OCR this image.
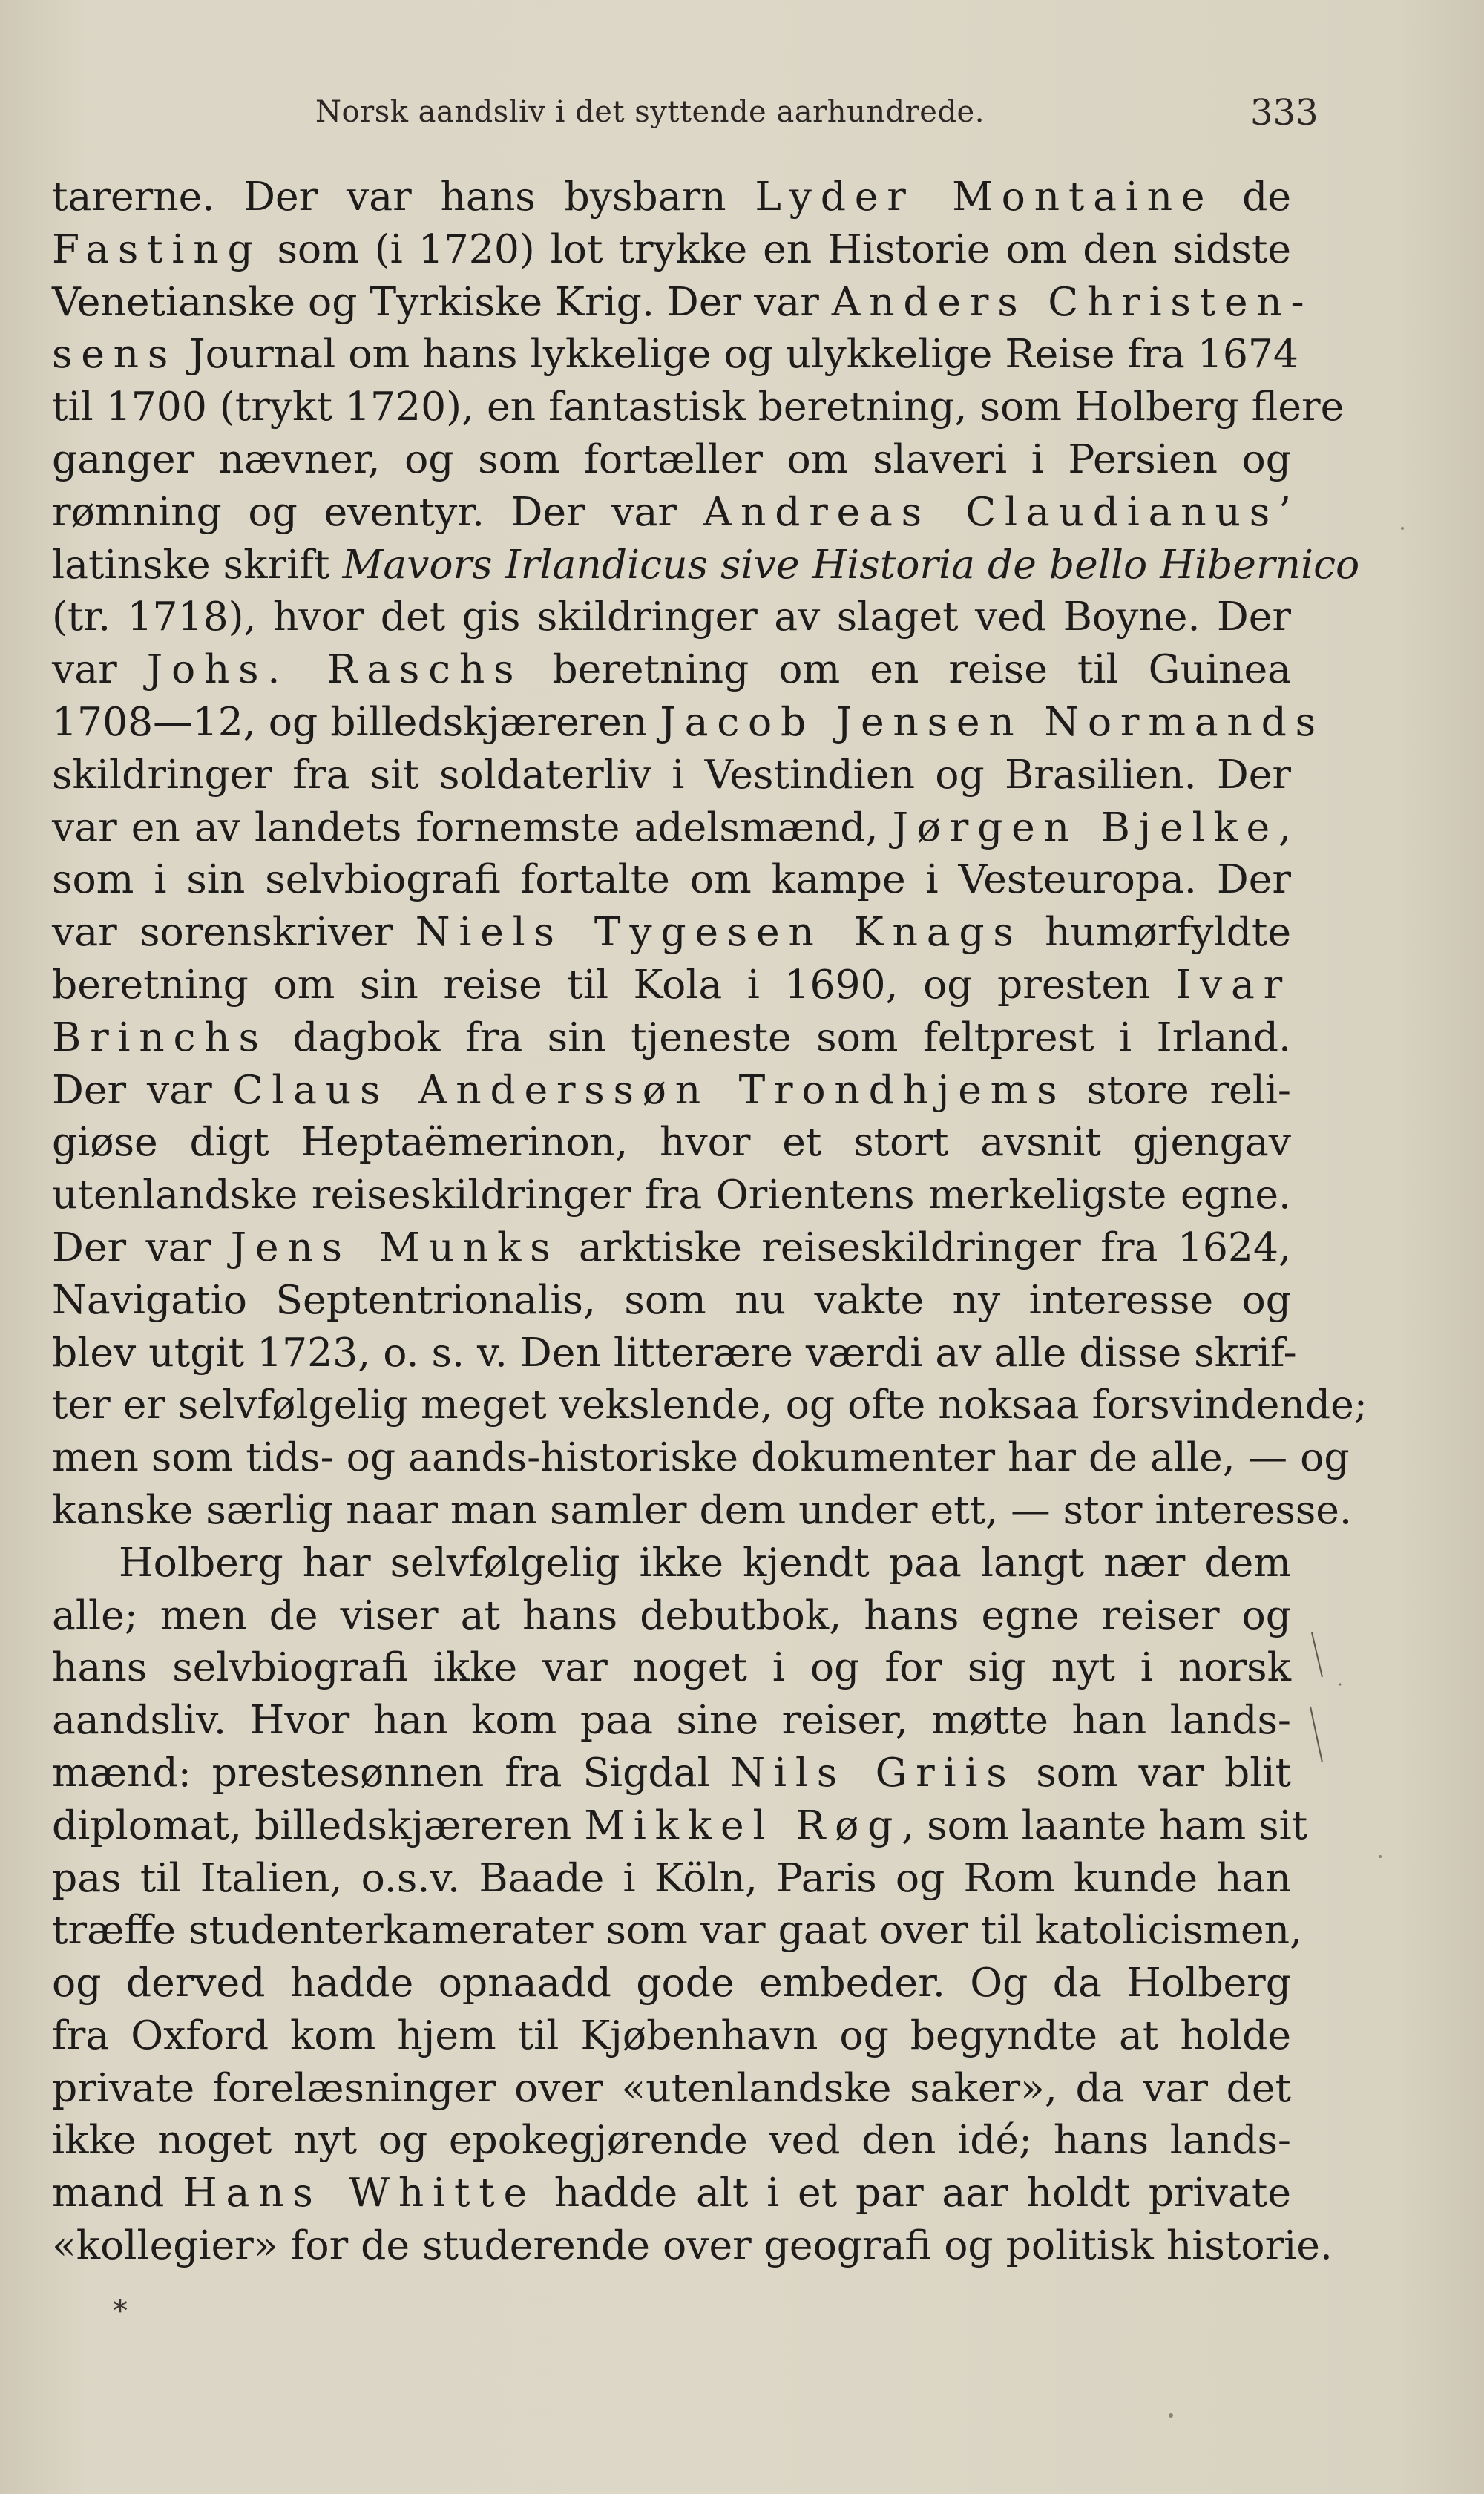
Norsk aandsliv i det syttende aarhundrede.	333
tarerne. Der var hans bysbarn Lyder Montaine de
Fasting som (i 1720) lot trykke en Historie om den sidste
Venetianske og Tyrkiske Krig. Der var Anders Christen-
sens Journal om hans lykkelige og ulykkelige Reise fra 1674
til 1700 (trykt 1720), en fantastisk beretning, som Holberg flere
ganger nævner, og som fortæller om slaveri i Persien og
rømning og eventyr. Der var Andreas Claudianus’
latinske skrift Mavors Irlandicus sive Historia de bello Hibernico
(tr. 1718), hvor det gis skildringer av slaget ved Boyne. Der
var Johs. Raschs beretning om en reise til Guinea
1708—12, og billedskjæreren Jacob Jensen Normands
skildringer fra sit soldaterliv i Vestindien og Brasilien. Der
var en av landets fornemste adelsmænd, Jørgen Bjelke,
som i sin selvbiografi fortalte om kampe i Vesteuropa. Der
var sorenskriver Niels Tygesen Knags humørfyldte
beretning om sin reise til Kola i 1690, og presten Ivar
Brinchs dagbok fra sin tjeneste som feltprest i Irland.
Der var Claus Anderssøn Trondhjems store reli-
giøse digt Heptaëmerinon, hvor et stort avsnit gjengav
utenlandske reiseskildringer fra Orientens merkeligste egne.
Der var Jens Munks arktiske reiseskildringer fra 1624,
Navigatio Septentrionalis, som nu vakte ny interesse og
blev utgit 1723, o. s. v. Den litterære værdi av alle disse skrif-
ter er selvfølgelig meget vekslende, og ofte noksaa forsvindende;
men som tids- og aands-historiske dokumenter har de alle, — og
kanske særlig naar man samler dem under ett, — stor interesse.
Holberg har selvfølgelig ikke kjendt paa langt nær dem
alle; men de viser at hans debutbok, hans egne reiser og
hans selvbiografi ikke var noget i og for sig nyt i norsk
aandsliv. Hvor han kom paa sine reiser, møtte han lands-
mænd: prestesønnen fra Sigdal Nils Griis som var blit
diplomat, billedskjæreren Mikkel Røg, som laante ham sit
pas til Italien, o.s.v. Baade i Köln, Paris og Rom kunde han
træffe studenterkamerater som var gaat over til katolicismen,
og derved hadde opnaadd gode embeder. Og da Holberg
fra Oxford kom hjem til Kjøbenhavn og begyndte at holde
private forelæsninger over «utenlandske saker», da var det
ikke noget nyt og epokegjørende ved den idé; hans lands-
mand Hans Whitte hadde alt i et par aar holdt private
«kollegier» for de studerende over geografi og politisk historie.
*
